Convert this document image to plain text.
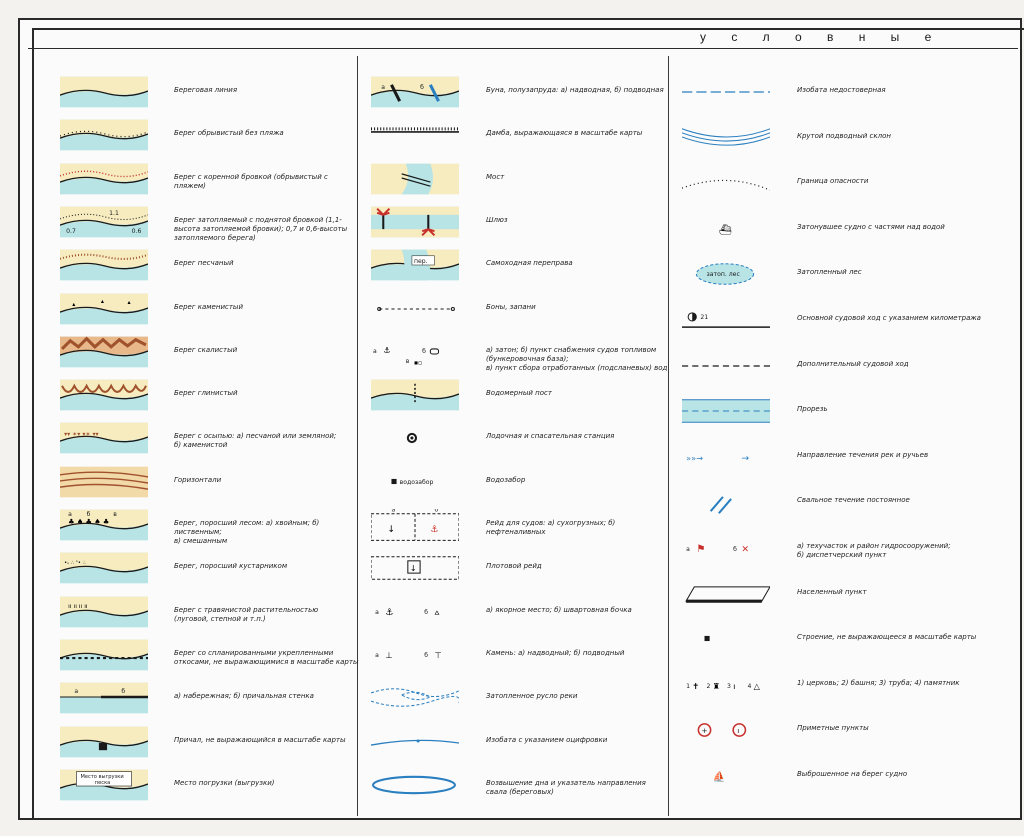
у с л о в н ы е
Береговая линия
Берег обрывистый без пляжа
Берег с коренной бровкой (обрывистый с пляжем)
0.7
1.1
0.6
Берег затопляемый с поднятой бровкой (1,1-
высота затопляемой бровки); 0,7 и 0,6-высоты
затопляемого берега)
Берег песчаный
▴	▴	▴
Берег каменистый
Берег скалистый
Берег глинистый
▾▾ ✶▾ ▾✶ ▾▾	Берег с осыпью: а) песчаной или земляной;
б) каменистой
Горизонтали
а б	в
♣ ♠ ♣ ♠ ♣	Берег, поросший лесом: а) хвойным; б) лиственным;
в) смешанным
•ₒ ∴ ᵒ• ∴	Берег, поросший кустарником
ıı ıı ıı ıı	Берег с травянистой растительностью
(луговой, степной и т.п.)
Берег со спланированными укрепленными
откосами, не выражающимися в масштабе карты
а	б
а) набережная; б) причальная стенка
Причал, не выражающийся в масштабе карты
Место выгрузки
песка	Место погрузки (выгрузки)
а	б	Буна, полузапруда: а) надводная, б) подводная
Дамба, выражающаяся в масштабе карты
Мост
Шлюз
пер.	Самоходная переправа
Боны, запани
а ⚓	б
в ▪▫
а) затон; б) пункт снабжения судов топливом
(бункеровочная база);
в) пункт сбора отработанных (подсланевых) вод
Водомерный пост
Лодочная и спасательная станция
водозабор	Водозабор
а	б
↓	⚓
Рейд для судов: а) сухогрузных; б) нефтеналивных
↓	Плотовой рейд
а ⚓	б ⩟	а) якорное место; б) швартовная бочка
а ⊥	б ⊤	Камень: а) надводный; б) подводный
Затопленное русло реки
Изобата с указанием оцифровки
Возвышение дна и указатель направления
свала (береговых)
Изобата недостоверная
Крутой подводный склон
Граница опасности
⛴	Затонувшее судно с частями над водой
затоп. лес	Затопленный лес
21	Основной судовой ход с указанием километража
Дополнительный судовой ход
Прорезь
»»→	→	Направление течения рек и ручьев
Свальное течение постоянное
а ⚑	б ✕	а) техучасток и район гидросооружений;
б) диспетчерский пункт
Населенный пункт
Строение, не выражающееся в масштабе карты
1 ✝ 2 ♜ 3 ı 4 △	1) церковь; 2) башня; 3) труба; 4) памятник
+	ı	Приметные пункты
⛵	Выброшенное на берег судно
